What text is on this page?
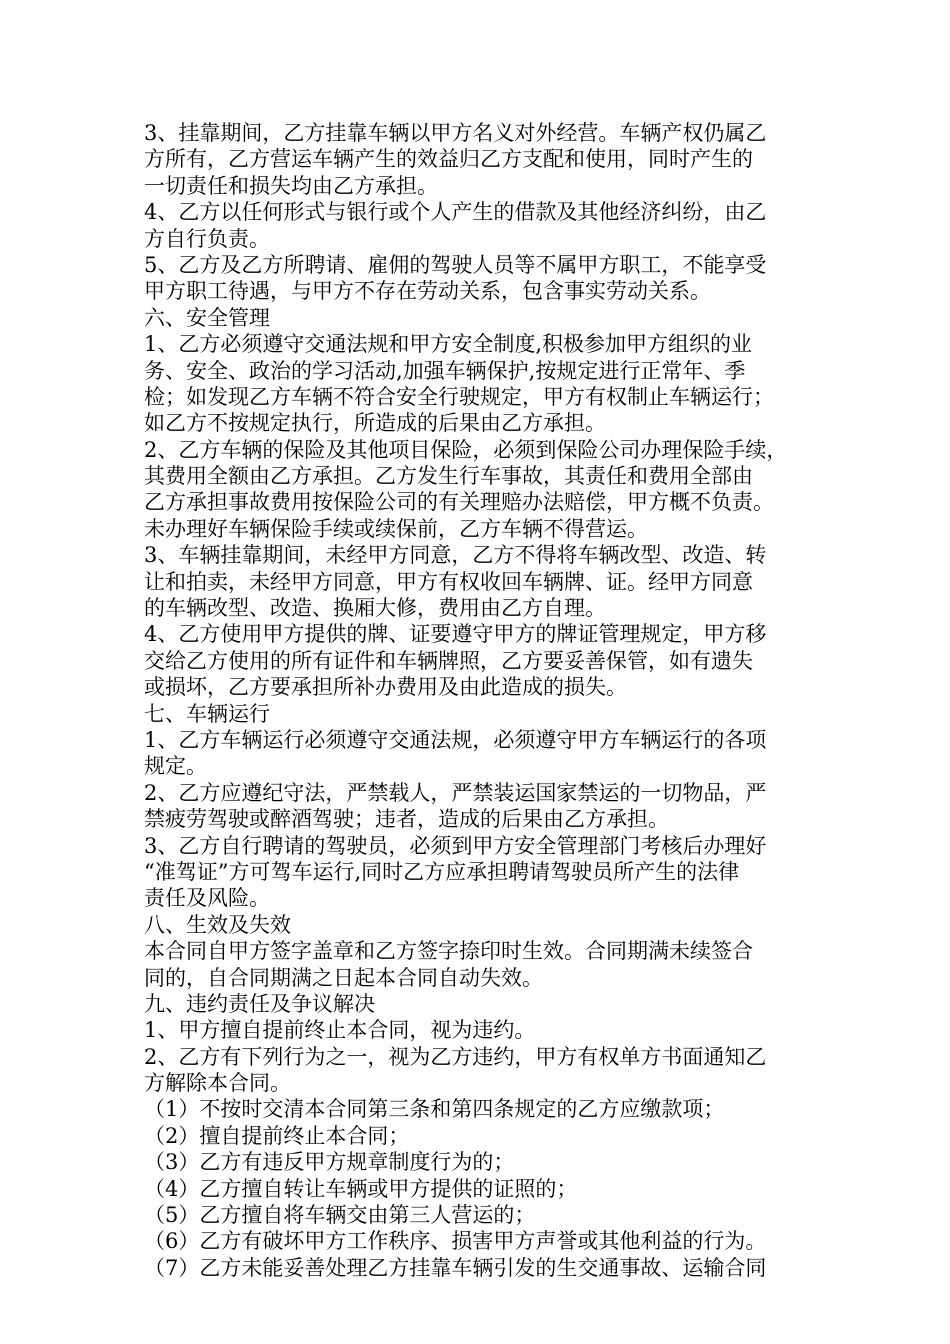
3、挂靠期间，乙方挂靠车辆以甲方名义对外经营。车辆产权仍属乙
方所有，乙方营运车辆产生的效益归乙方支配和使用，同时产生的
一切责任和损失均由乙方承担。
4、乙方以任何形式与银行或个人产生的借款及其他经济纠纷，由乙
方自行负责。
5、乙方及乙方所聘请、雇佣的驾驶人员等不属甲方职工，不能享受
甲方职工待遇，与甲方不存在劳动关系，包含事实劳动关系。
六、安全管理
1、乙方必须遵守交通法规和甲方安全制度,积极参加甲方组织的业
务、安全、政治的学习活动,加强车辆保护,按规定进行正常年、季
检；如发现乙方车辆不符合安全行驶规定，甲方有权制止车辆运行；
如乙方不按规定执行，所造成的后果由乙方承担。
2、乙方车辆的保险及其他项目保险，必须到保险公司办理保险手续，
其费用全额由乙方承担。乙方发生行车事故，其责任和费用全部由
乙方承担事故费用按保险公司的有关理赔办法赔偿，甲方概不负责。
未办理好车辆保险手续或续保前，乙方车辆不得营运。
3、车辆挂靠期间，未经甲方同意，乙方不得将车辆改型、改造、转
让和拍卖，未经甲方同意，甲方有权收回车辆牌、证。经甲方同意
的车辆改型、改造、换厢大修，费用由乙方自理。
4、乙方使用甲方提供的牌、证要遵守甲方的牌证管理规定，甲方移
交给乙方使用的所有证件和车辆牌照，乙方要妥善保管，如有遗失
或损坏，乙方要承担所补办费用及由此造成的损失。
七、车辆运行
1、乙方车辆运行必须遵守交通法规，必须遵守甲方车辆运行的各项
规定。
2、乙方应遵纪守法，严禁载人，严禁装运国家禁运的一切物品，严
禁疲劳驾驶或醉酒驾驶；违者，造成的后果由乙方承担。
3、乙方自行聘请的驾驶员，必须到甲方安全管理部门考核后办理好
“准驾证”方可驾车运行,同时乙方应承担聘请驾驶员所产生的法律
责任及风险。
八、生效及失效
本合同自甲方签字盖章和乙方签字捺印时生效。合同期满未续签合
同的，自合同期满之日起本合同自动失效。
九、违约责任及争议解决
1、甲方擅自提前终止本合同，视为违约。
2、乙方有下列行为之一，视为乙方违约，甲方有权单方书面通知乙
方解除本合同。
（1）不按时交清本合同第三条和第四条规定的乙方应缴款项；
（2）擅自提前终止本合同；
（3）乙方有违反甲方规章制度行为的；
（4）乙方擅自转让车辆或甲方提供的证照的；
（5）乙方擅自将车辆交由第三人营运的；
（6）乙方有破坏甲方工作秩序、损害甲方声誉或其他利益的行为。
（7）乙方未能妥善处理乙方挂靠车辆引发的生交通事故、运输合同
